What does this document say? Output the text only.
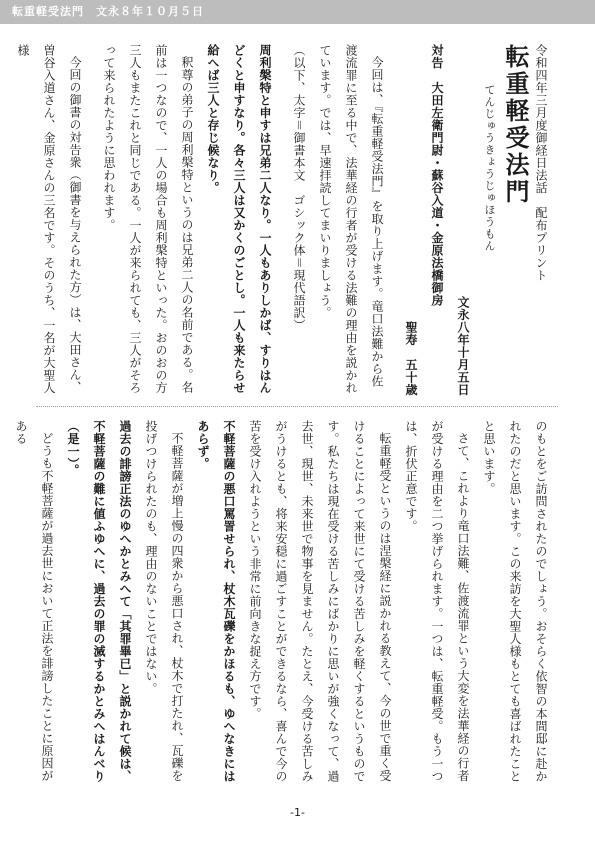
転重軽受法門　文永８年１０月５日

令和四年三月度御経日法話　配布プリント

転重軽受法門

てんじゅうきょうじゅほうもん

文永八年十月五日

対告　大田左衛門尉・蘇谷入道・金原法橋御房

聖寿　五十歳

今回は、『転重軽受法門』を取り上げます。竜口法難から佐渡流罪に至る中で、法華経の行者が受ける法難の理由を説かれています。では、早速拝読してまいりましょう。

（以下、太字＝御書本文　ゴシック体＝現代語訳）

周利槃特と申すは兄弟二人なり。一人もありしかば、すりはんどくと申すなり。各々三人は又かくのごとし。一人も来たらせ給へば三人と存じ候なり。

釈尊の弟子の周利槃特というのは兄弟二人の名前である。名前は一つなので、一人の場合も周利槃特といった。おのおの方三人もまたこれと同じである。一人が来られても、三人がそろって来られたように思われます。

今回の御書の対告衆（御書を与えられた方）は、大田さん、曽谷入道さん、金原さんの三名です。そのうち、一名が大聖人様

のもとをご訪問されたのでしょう。おそらく依智の本間邸に赴かれたのだと思います。この来訪を大聖人様もとても喜ばれたことと思います。

さて、これより竜口法難、佐渡流罪という大変を法華経の行者が受ける理由を二つ挙げられます。一つは、転重軽受。もう一つは、折伏正意です。

転重軽受というのは涅槃経に説かれる教えて、今の世で重く受けることによって来世にて受ける苦しみを軽くするというものです。私たちは現在受ける苦しみにばかりに思いが強くなって、過去世、現世、未来世で物事を見ません。たとえ、今受ける苦しみがうけるとも、将来安穏に過ごすことができるなら、喜んで今の苦を受け入れようという非常に前向きな捉え方です。

不軽菩薩の悪口罵詈せられ、杖木瓦礫をかほるも、ゆへなきにはあらず。

不軽菩薩が増上慢の四衆から悪口され、杖木で打たれ、瓦礫を投げつけられたのも、理由のないことではない。

過去の誹謗正法のゆへかとみへて「其罪畢已」と説かれて候は、不軽菩薩の難に値ふゆへに、過去の罪の滅するかとみへはんべり（是一）。

どうも不軽菩薩が過去世において正法を誹謗したことに原因がある

-1-
